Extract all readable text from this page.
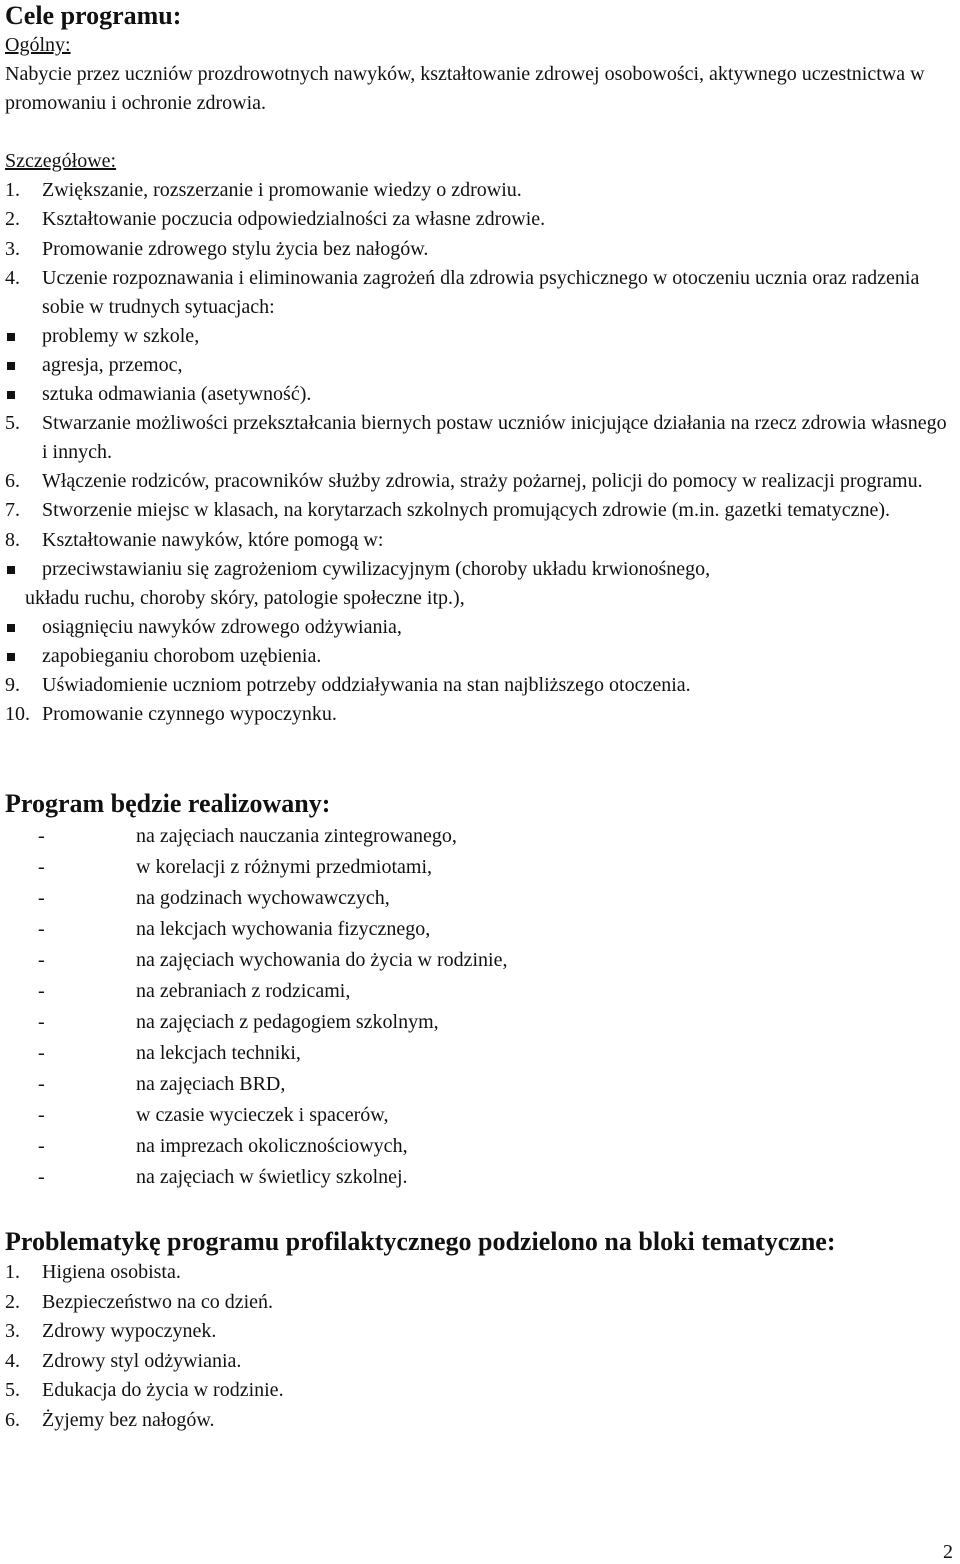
Cele programu:
Ogólny:
Nabycie przez uczniów prozdrowotnych nawyków, kształtowanie zdrowej osobowości, aktywnego uczestnictwa w promowaniu i ochronie zdrowia.
Szczegółowe:
1. Zwiększanie, rozszerzanie i promowanie wiedzy o zdrowiu.
2. Kształtowanie poczucia odpowiedzialności za własne zdrowie.
3. Promowanie zdrowego stylu życia bez nałogów.
4. Uczenie rozpoznawania i eliminowania zagrożeń dla zdrowia psychicznego w otoczeniu ucznia oraz radzenia sobie w trudnych sytuacjach:
problemy w szkole,
agresja, przemoc,
sztuka odmawiania (asetywność).
5. Stwarzanie możliwości przekształcania biernych postaw uczniów inicjujące działania na rzecz zdrowia własnego i innych.
6. Włączenie rodziców, pracowników służby zdrowia, straży pożarnej, policji do pomocy w realizacji programu.
7. Stworzenie miejsc w klasach, na korytarzach szkolnych promujących zdrowie (m.in. gazetki tematyczne).
8. Kształtowanie nawyków, które pomogą w:
przeciwstawianiu się zagrożeniom cywilizacyjnym (choroby układu krwionośnego,
układu ruchu, choroby skóry, patologie społeczne itp.),
osiągnięciu nawyków zdrowego odżywiania,
zapobieganiu chorobom uzębienia.
9. Uświadomienie uczniom potrzeby oddziaływania na stan najbliższego otoczenia.
10. Promowanie czynnego wypoczynku.
Program będzie realizowany:
-	na zajęciach nauczania zintegrowanego,
-	w korelacji z różnymi przedmiotami,
-	na godzinach wychowawczych,
-	na lekcjach wychowania fizycznego,
-	na zajęciach wychowania do życia w rodzinie,
-	na zebraniach z rodzicami,
-	na zajęciach z pedagogiem szkolnym,
-	na lekcjach techniki,
-	na zajęciach BRD,
-	w czasie wycieczek i spacerów,
-	na imprezach okolicznościowych,
-	na zajęciach w świetlicy szkolnej.
Problematykę programu profilaktycznego podzielono na bloki tematyczne:
1. Higiena osobista.
2. Bezpieczeństwo na co dzień.
3. Zdrowy wypoczynek.
4. Zdrowy styl odżywiania.
5. Edukacja do życia w rodzinie.
6. Żyjemy bez nałogów.
2
